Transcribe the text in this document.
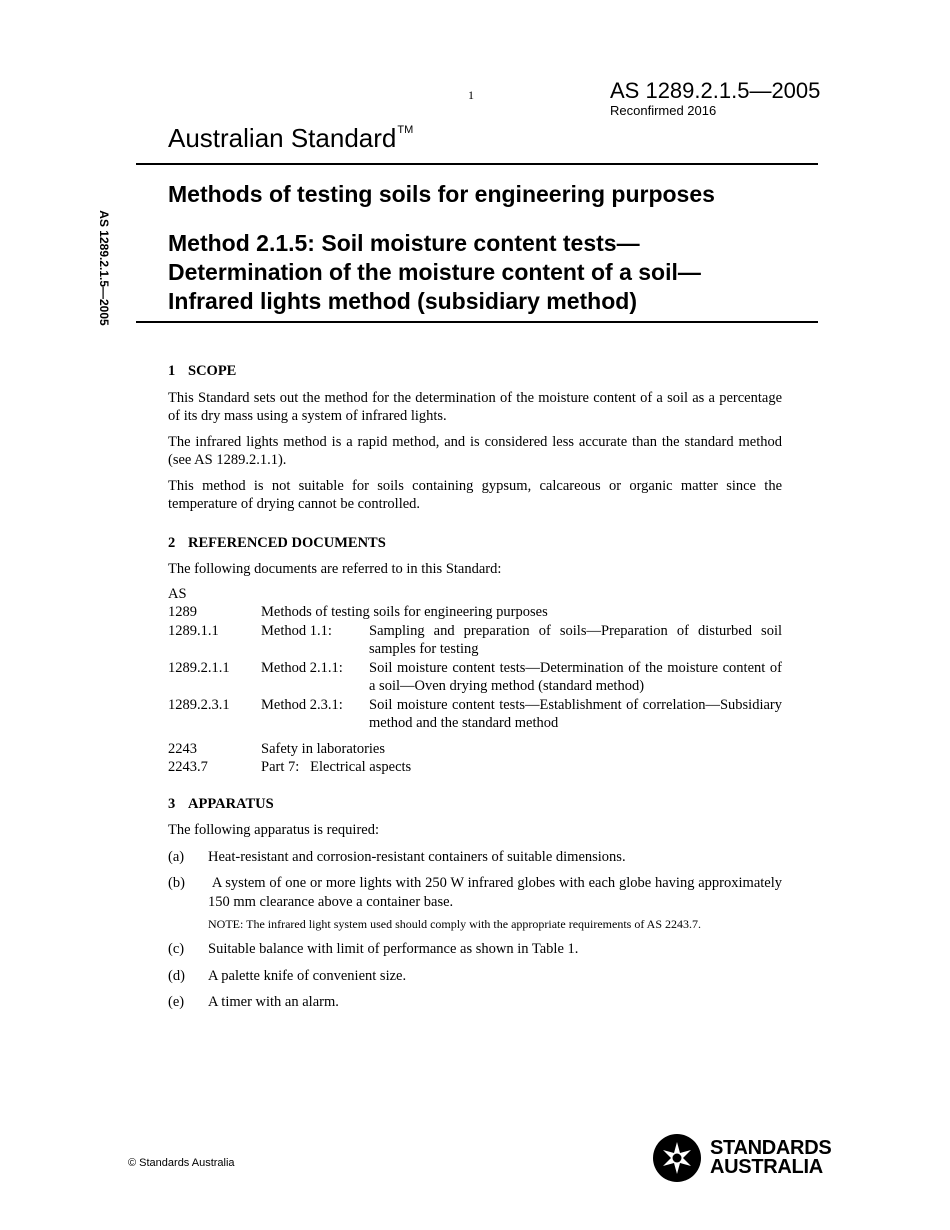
1	AS 1289.2.1.5—2005
Reconfirmed 2016
Australian Standard™
AS 1289.2.1.5—2005
Methods of testing soils for engineering purposes
Method 2.1.5: Soil moisture content tests—
Determination of the moisture content of a soil—
Infrared lights method (subsidiary method)
1 SCOPE

This Standard sets out the method for the determination of the moisture content of a soil as a percentage of its dry mass using a system of infrared lights.

The infrared lights method is a rapid method, and is considered less accurate than the standard method (see AS 1289.2.1.1).

This method is not suitable for soils containing gypsum, calcareous or organic matter since the temperature of drying cannot be controlled.

2 REFERENCED DOCUMENTS

The following documents are referred to in this Standard:

AS
1289	Methods of testing soils for engineering purposes	
1289.1.1	Method 1.1:	Sampling and preparation of soils—Preparation of disturbed soil samples for testing
1289.2.1.1	Method 2.1.1:	Soil moisture content tests—Determination of the moisture content of a soil—Oven drying method (standard method)
1289.2.3.1	Method 2.3.1:	Soil moisture content tests—Establishment of correlation—Subsidiary method and the standard method
2243	Safety in laboratories	
2243.7	Part 7:   Electrical aspects	
3 APPARATUS

The following apparatus is required:

(a)	Heat-resistant and corrosion-resistant containers of suitable dimensions.
(b)	A system of one or more lights with 250 W infrared globes with each globe having approximately 150 mm clearance above a container base.
NOTE: The infrared light system used should comply with the appropriate requirements of AS 2243.7.
(c)	Suitable balance with limit of performance as shown in Table 1.
(d)	A palette knife of convenient size.
(e)	A timer with an alarm.
© Standards Australia
STANDARDS
AUSTRALIA
